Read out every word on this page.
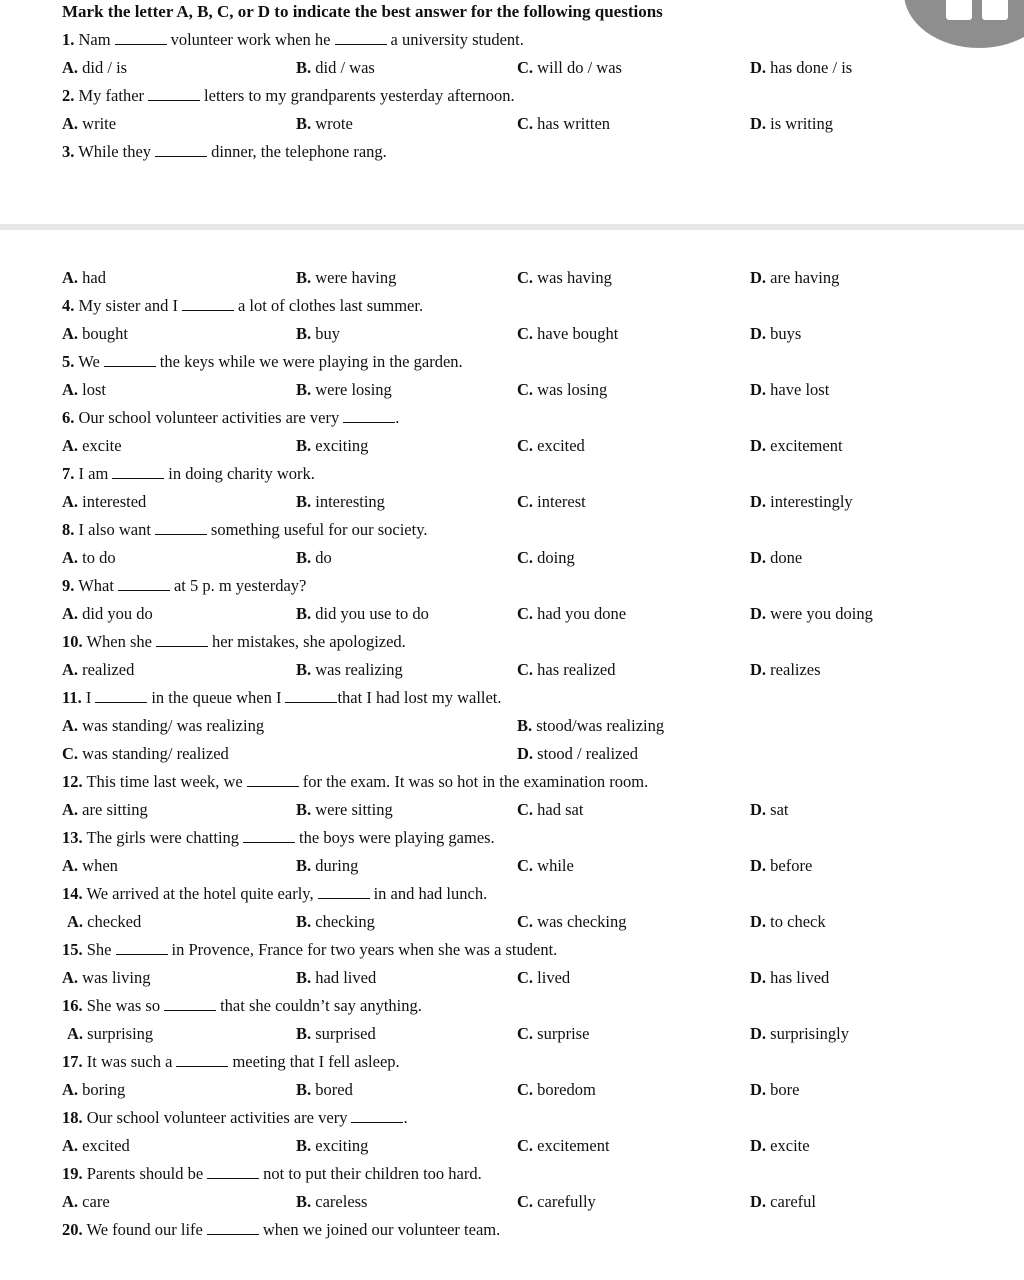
Mark the letter A, B, C, or D to indicate the best answer for the following questions
1. Nam	volunteer work when he	a university student.
A. did / is	B. did / was	C. will do / was	D. has done / is
2. My father	letters to my grandparents yesterday afternoon.
A. write	B. wrote	C. has written	D. is writing
3. While they	dinner, the telephone rang.
A. had	B. were having	C. was having	D. are having
4. My sister and I	a lot of clothes last summer.
A. bought	B. buy	C. have bought	D. buys
5. We	the keys while we were playing in the garden.
A. lost	B. were losing	C. was losing	D. have lost
6. Our school volunteer activities are very	.
A. excite	B. exciting	C. excited	D. excitement
7. I am	in doing charity work.
A. interested	B. interesting	C. interest	D. interestingly
8. I also want	something useful for our society.
A. to do	B. do	C. doing	D. done
9. What	at 5 p. m yesterday?
A. did you do	B. did you use to do	C. had you done	D. were you doing
10. When she	her mistakes, she apologized.
A. realized	B. was realizing	C. has realized	D. realizes
11. I	in the queue when I	that I had lost my wallet.
A. was standing/ was realizing	B. stood/was realizing
C. was standing/ realized	D. stood / realized
12. This time last week, we	for the exam. It was so hot in the examination room.
A. are sitting	B. were sitting	C. had sat	D. sat
13. The girls were chatting	the boys were playing games.
A. when	B. during	C. while	D. before
14. We arrived at the hotel quite early,	in and had lunch.
A. checked	B. checking	C. was checking	D. to check
15. She	in Provence, France for two years when she was a student.
A. was living	B. had lived	C. lived	D. has lived
16. She was so	that she couldn’t say anything.
A. surprising	B. surprised	C. surprise	D. surprisingly
17. It was such a	meeting that I fell asleep.
A. boring	B. bored	C. boredom	D. bore
18. Our school volunteer activities are very	.
A. excited	B. exciting	C. excitement	D. excite
19. Parents should be	not to put their children too hard.
A. care	B. careless	C. carefully	D. careful
20. We found our life	when we joined our volunteer team.
